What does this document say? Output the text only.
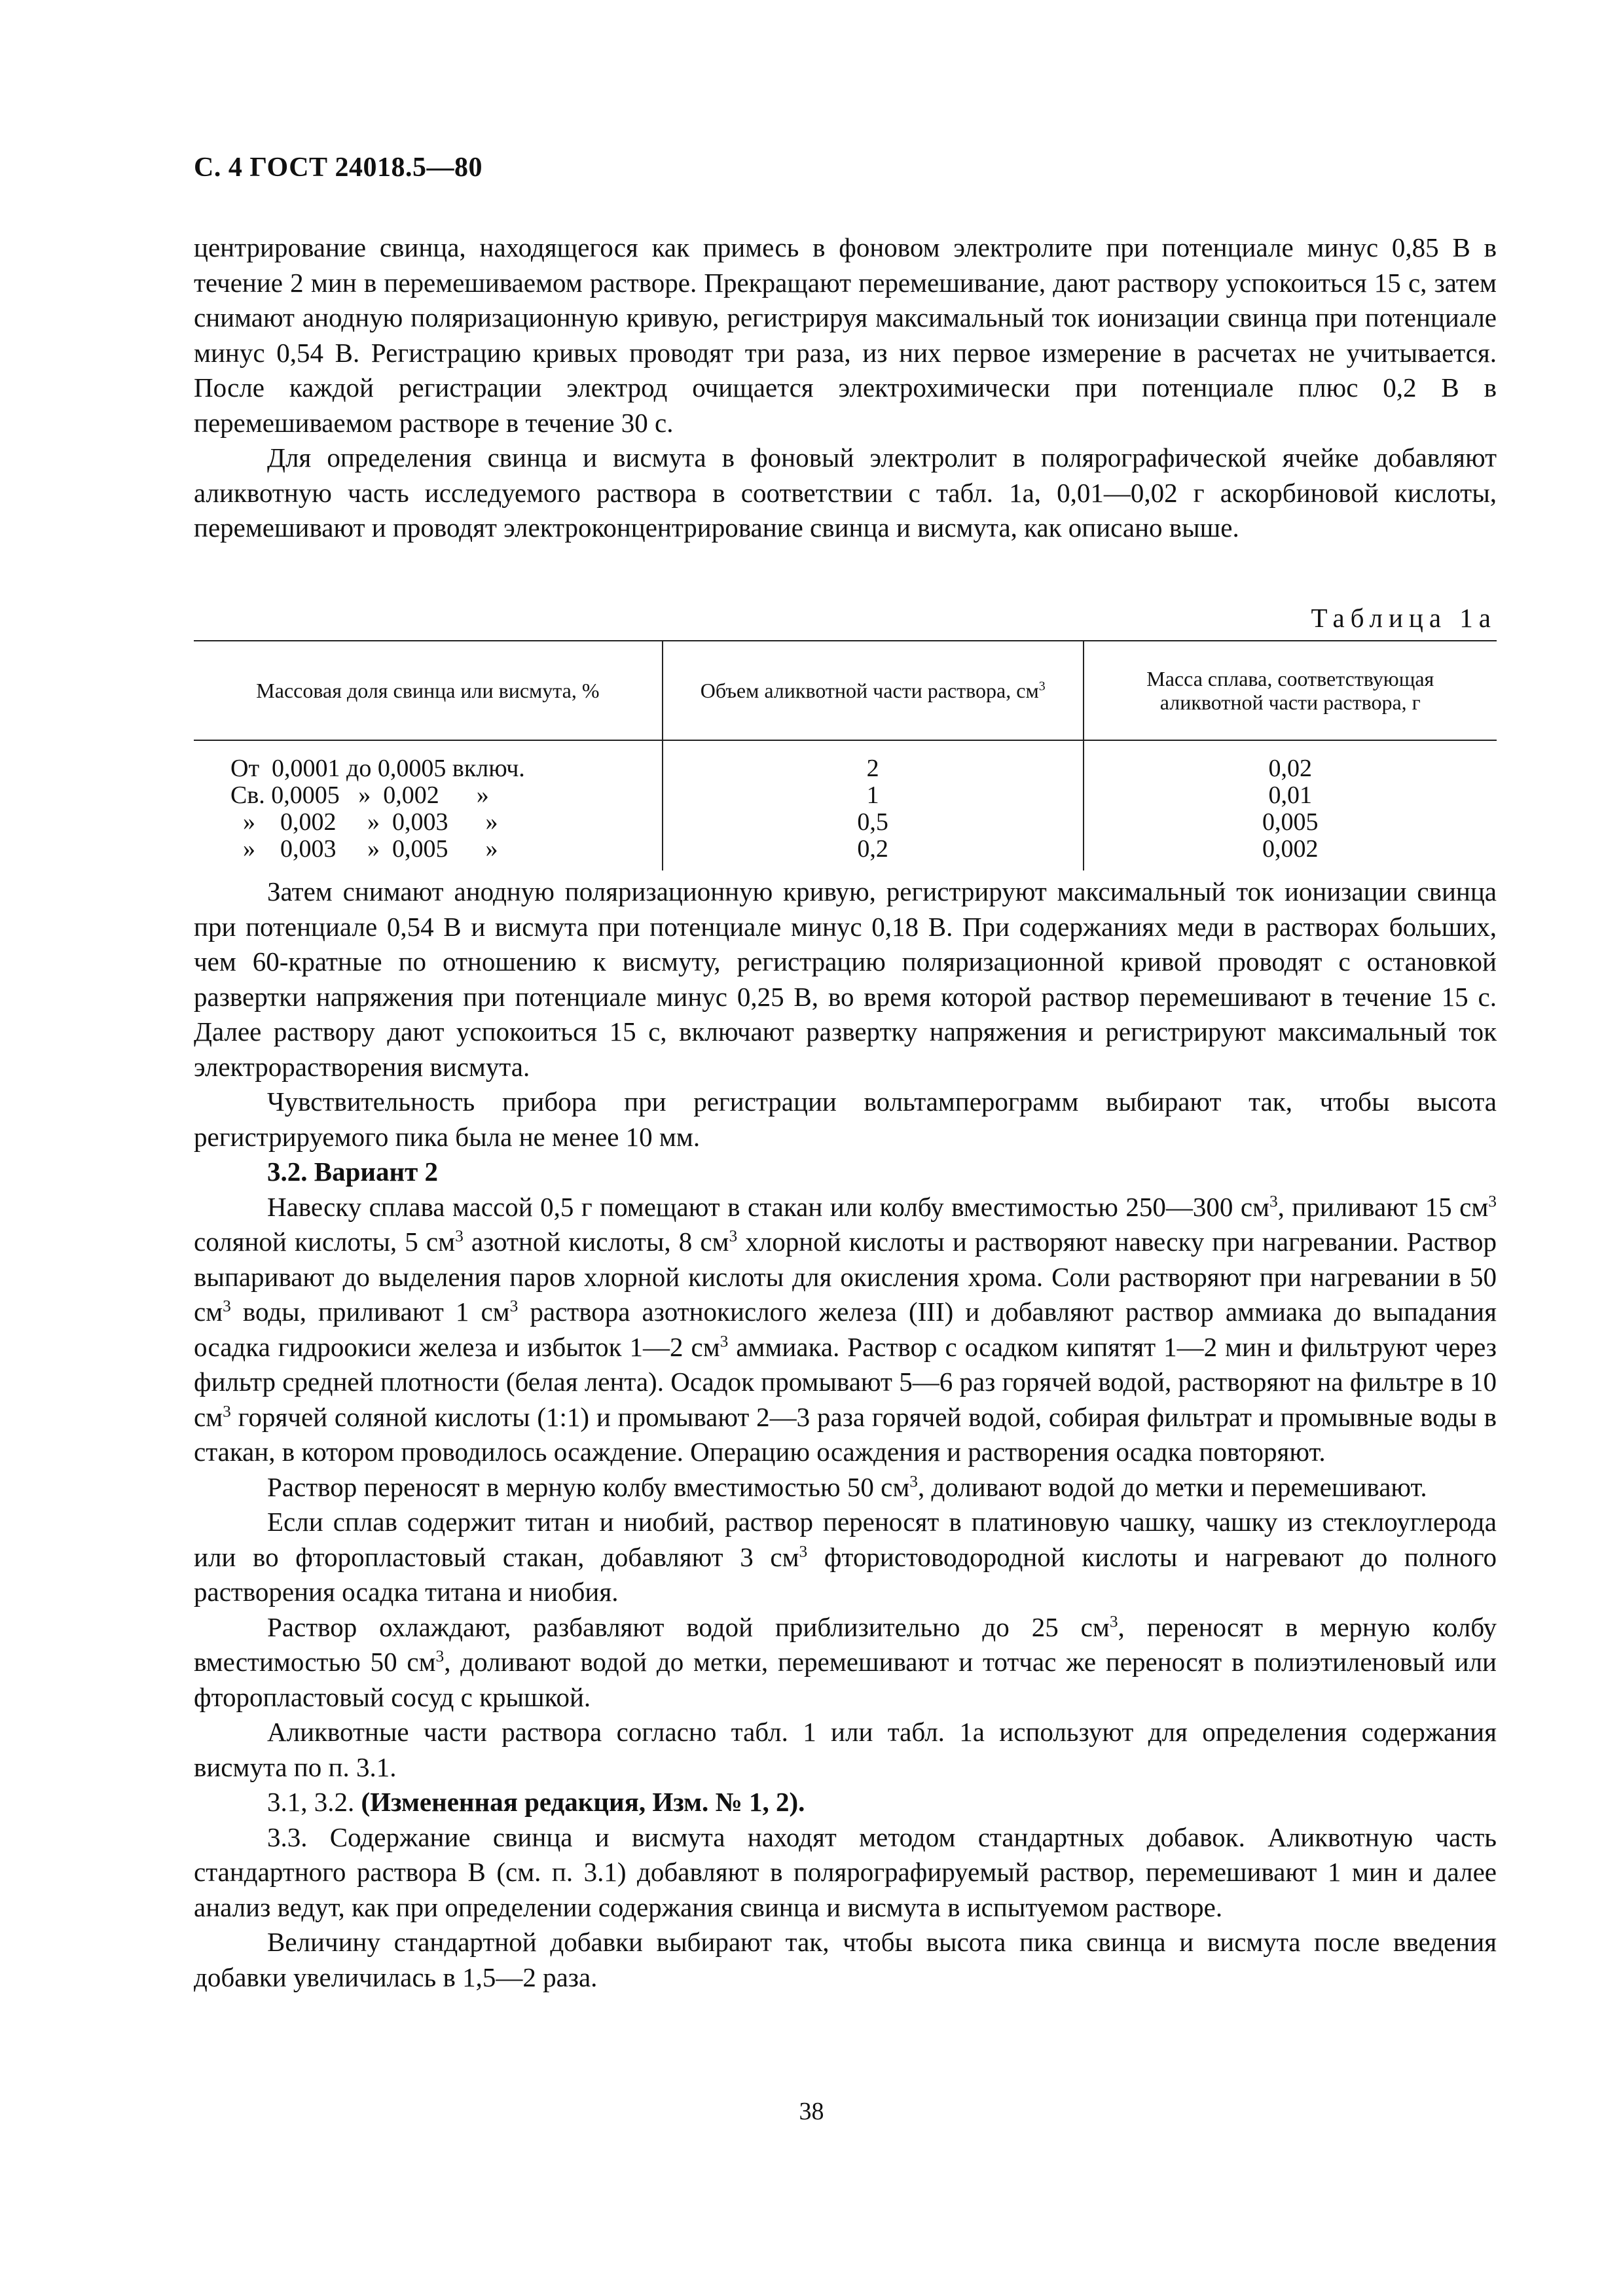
С. 4 ГОСТ 24018.5—80

центрирование свинца, находящегося как примесь в фоновом электролите при потенциале минус 0,85 В в течение 2 мин в перемешиваемом растворе. Прекращают перемешивание, дают раствору успокоиться 15 с, затем снимают анодную поляризационную кривую, регистрируя максимальный ток ионизации свинца при потенциале минус 0,54 В. Регистрацию кривых проводят три раза, из них первое измерение в расчетах не учитывается. После каждой регистрации электрод очищается электрохимически при потенциале плюс 0,2 В в перемешиваемом растворе в течение 30 с.

Для определения свинца и висмута в фоновый электролит в полярографической ячейке добавляют аликвотную часть исследуемого раствора в соответствии с табл. 1а, 0,01—0,02 г аскорбиновой кислоты, перемешивают и проводят электроконцентрирование свинца и висмута, как описано выше.

Таблица 1а
Массовая доля свинца или висмута, %	Объем аликвотной части раствора, $см^3$	Масса сплава, соответствующая
аликвотной части раствора, г
От  0,0001 до 0,0005 включ.	2	0,02
Св. 0,0005   »  0,002      »	1	0,01
»    0,002     »  0,003      »	0,5	0,005
»    0,003     »  0,005      »	0,2	0,002

Затем снимают анодную поляризационную кривую, регистрируют максимальный ток ионизации свинца при потенциале 0,54 В и висмута при потенциале минус 0,18 В. При содержаниях меди в растворах больших, чем 60-кратные по отношению к висмуту, регистрацию поляризационной кривой проводят с остановкой развертки напряжения при потенциале минус 0,25 В, во время которой раствор перемешивают в течение 15 с. Далее раствору дают успокоиться 15 с, включают развертку напряжения и регистрируют максимальный ток электрорастворения висмута.

Чувствительность прибора при регистрации вольтамперограмм выбирают так, чтобы высота регистрируемого пика была не менее 10 мм.

3.2. Вариант 2

Навеску сплава массой 0,5 г помещают в стакан или колбу вместимостью 250—300 $см^3$, приливают 15 $см^3$ соляной кислоты, 5 $см^3$ азотной кислоты, 8 $см^3$ хлорной кислоты и растворяют навеску при нагревании. Раствор выпаривают до выделения паров хлорной кислоты для окисления хрома. Соли растворяют при нагревании в 50 $см^3$ воды, приливают 1 $см^3$ раствора азотнокислого железа (III) и добавляют раствор аммиака до выпадания осадка гидроокиси железа и избыток 1—2 $см^3$ аммиака. Раствор с осадком кипятят 1—2 мин и фильтруют через фильтр средней плотности (белая лента). Осадок промывают 5—6 раз горячей водой, растворяют на фильтре в 10 $см^3$ горячей соляной кислоты (1:1) и промывают 2—3 раза горячей водой, собирая фильтрат и промывные воды в стакан, в котором проводилось осаждение. Операцию осаждения и растворения осадка повторяют.

Раствор переносят в мерную колбу вместимостью 50 $см^3$, доливают водой до метки и перемешивают.

Если сплав содержит титан и ниобий, раствор переносят в платиновую чашку, чашку из стеклоуглерода или во фторопластовый стакан, добавляют 3 $см^3$ фтористоводородной кислоты и нагревают до полного растворения осадка титана и ниобия.

Раствор охлаждают, разбавляют водой приблизительно до 25 $см^3$, переносят в мерную колбу вместимостью 50 $см^3$, доливают водой до метки, перемешивают и тотчас же переносят в полиэтиленовый или фторопластовый сосуд с крышкой.

Аликвотные части раствора согласно табл. 1 или табл. 1а используют для определения содержания висмута по п. 3.1.

3.1, 3.2. (Измененная редакция, Изм. № 1, 2).

3.3. Содержание свинца и висмута находят методом стандартных добавок. Аликвотную часть стандартного раствора В (см. п. 3.1) добавляют в полярографируемый раствор, перемешивают 1 мин и далее анализ ведут, как при определении содержания свинца и висмута в испытуемом растворе.

Величину стандартной добавки выбирают так, чтобы высота пика свинца и висмута после введения добавки увеличилась в 1,5—2 раза.

38
